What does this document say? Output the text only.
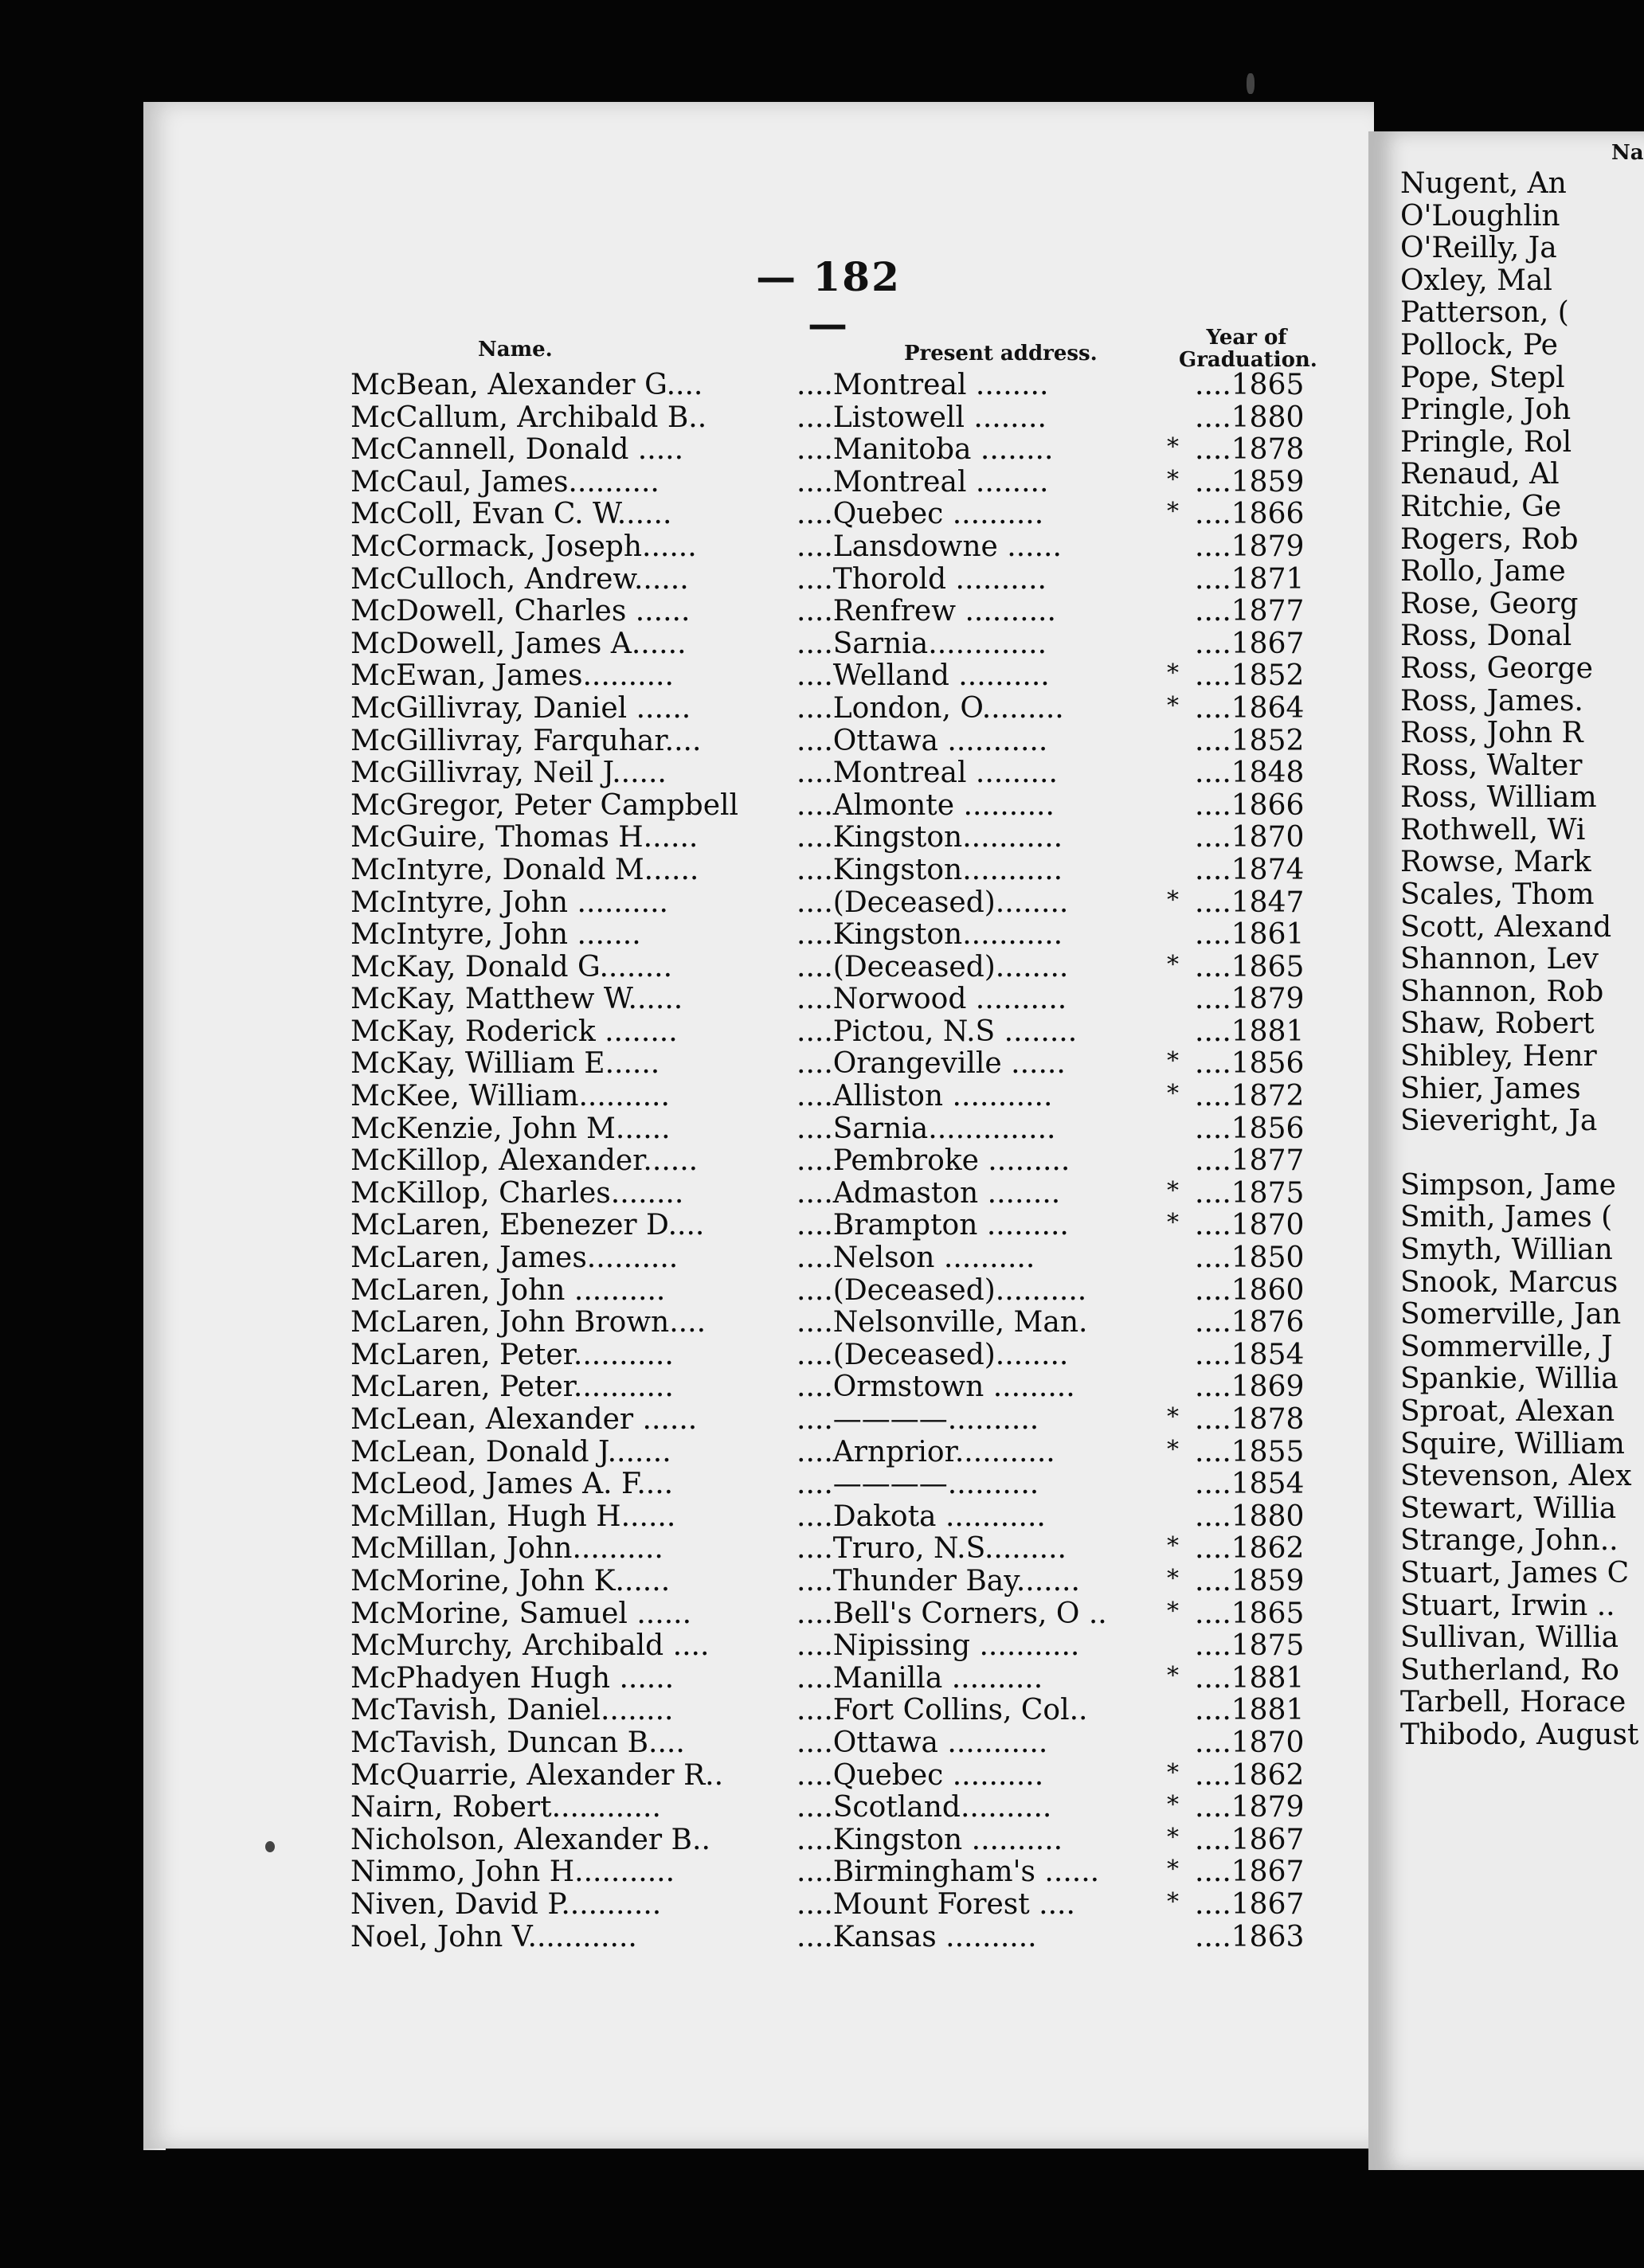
— 182 —
Name.	Present address.
Year of
Graduation.
McBean, Alexander G....	....Montreal ........	....1865
McCallum, Archibald B..	....Listowell ........	....1880
McCannell, Donald .....	....Manitoba ........	* ....1878
McCaul, James..........	....Montreal ........	* ....1859
McColl, Evan C. W......	....Quebec ..........	* ....1866
McCormack, Joseph......	....Lansdowne ......	....1879
McCulloch, Andrew......	....Thorold ..........	....1871
McDowell, Charles ......	....Renfrew ..........	....1877
McDowell, James A......	....Sarnia.............	....1867
McEwan, James..........	....Welland ..........	* ....1852
McGillivray, Daniel ......	....London, O.........	* ....1864
McGillivray, Farquhar....	....Ottawa ...........	....1852
McGillivray, Neil J......	....Montreal .........	....1848
McGregor, Peter Campbell	....Almonte ..........	....1866
McGuire, Thomas H......	....Kingston...........	....1870
McIntyre, Donald M......	....Kingston...........	....1874
McIntyre, John ..........	....(Deceased)........	* ....1847
McIntyre, John .......	....Kingston...........	....1861
McKay, Donald G........	....(Deceased)........	* ....1865
McKay, Matthew W......	....Norwood ..........	....1879
McKay, Roderick ........	....Pictou, N.S ........	....1881
McKay, William E......	....Orangeville ......	* ....1856
McKee, William..........	....Alliston ...........	* ....1872
McKenzie, John M......	....Sarnia..............	....1856
McKillop, Alexander......	....Pembroke .........	....1877
McKillop, Charles........	....Admaston ........	* ....1875
McLaren, Ebenezer D....	....Brampton .........	* ....1870
McLaren, James..........	....Nelson ..........	....1850
McLaren, John ..........	....(Deceased)..........	....1860
McLaren, John Brown....	....Nelsonville, Man.	....1876
McLaren, Peter...........	....(Deceased)........	....1854
McLaren, Peter...........	....Ormstown .........	....1869
McLean, Alexander ......	....————..........	* ....1878
McLean, Donald J.......	....Arnprior...........	* ....1855
McLeod, James A. F....	....————..........	....1854
McMillan, Hugh H......	....Dakota ...........	....1880
McMillan, John..........	....Truro, N.S.........	* ....1862
McMorine, John K......	....Thunder Bay.......	* ....1859
McMorine, Samuel ......	....Bell's Corners, O ..	* ....1865
McMurchy, Archibald ....	....Nipissing ...........	....1875
McPhadyen Hugh ......	....Manilla ..........	* ....1881
McTavish, Daniel........	....Fort Collins, Col..	....1881
McTavish, Duncan B....	....Ottawa ...........	....1870
McQuarrie, Alexander R..	....Quebec ..........	* ....1862
Nairn, Robert............	....Scotland..........	* ....1879
Nicholson, Alexander B..	....Kingston ..........	* ....1867
Nimmo, John H...........	....Birmingham's ......	* ....1867
Niven, David P...........	....Mount Forest ....	* ....1867
Noel, John V............	....Kansas ..........	....1863
Na
Nugent, An
O'Loughlin
O'Reilly, Ja
Oxley, Mal
Patterson, (
Pollock, Pe
Pope, Stepl
Pringle, Joh
Pringle, Rol
Renaud, Al
Ritchie, Ge
Rogers, Rob
Rollo, Jame
Rose, Georg
Ross, Donal
Ross, George
Ross, James.
Ross, John R
Ross, Walter
Ross, William
Rothwell, Wi
Rowse, Mark
Scales, Thom
Scott, Alexand
Shannon, Lev
Shannon, Rob
Shaw, Robert
Shibley, Henr
Shier, James
Sieveright, Ja
Simpson, Jame
Smith, James (
Smyth, Willian
Snook, Marcus
Somerville, Jan
Sommerville, J
Spankie, Willia
Sproat, Alexan
Squire, William
Stevenson, Alex
Stewart, Willia
Strange, John..
Stuart, James C
Stuart, Irwin ..
Sullivan, Willia
Sutherland, Ro
Tarbell, Horace
Thibodo, August
